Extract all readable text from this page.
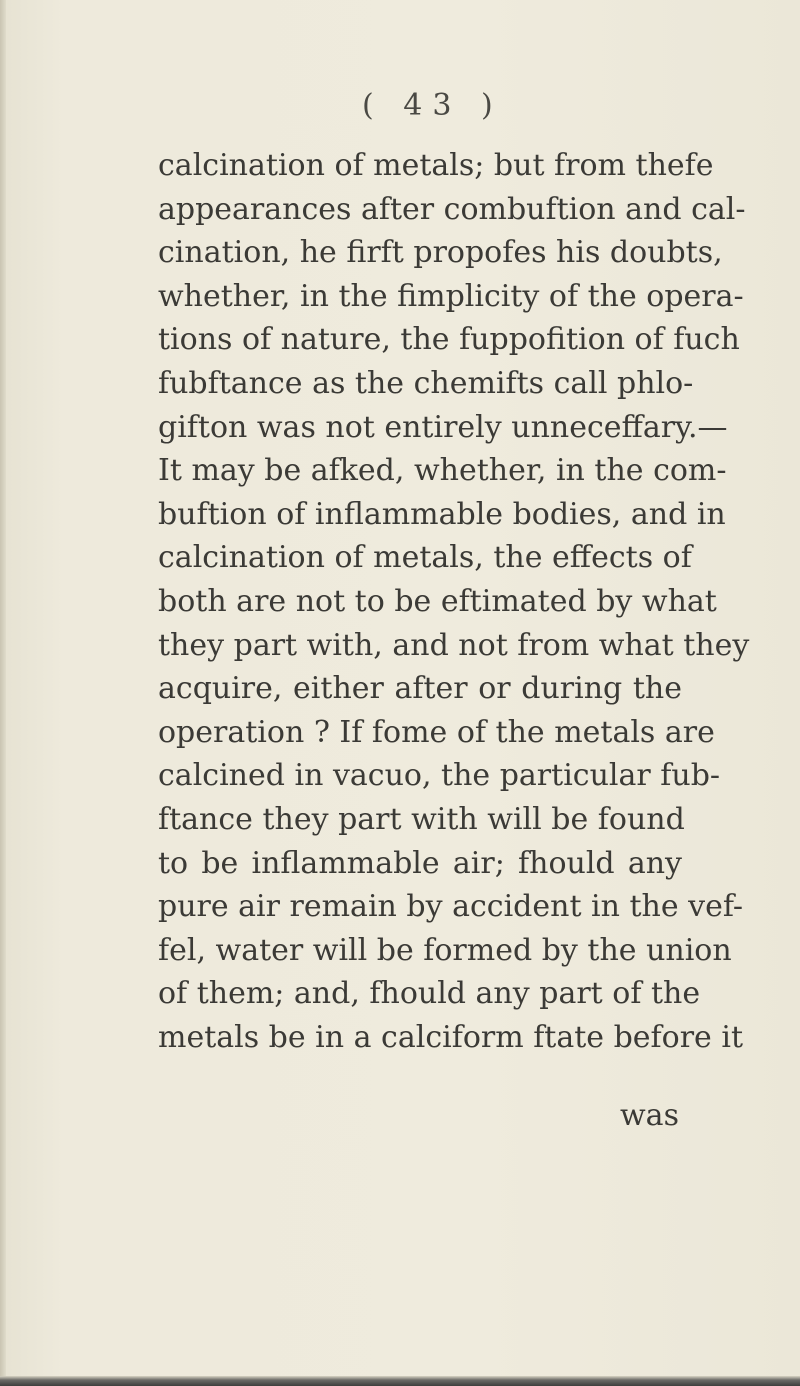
( 43 )
calcination of metals; but from thefe
appearances after combuftion and cal-
cination, he firft propofes his doubts,
whether, in the fimplicity of the opera-
tions of nature, the fuppofition of fuch
fubftance as the chemifts call phlo-
gifton was not entirely unneceffary.—
It may be afked, whether, in the com-
buftion of inflammable bodies, and in
calcination of metals, the effects of
both are not to be eftimated by what
they part with, and not from what they
acquire, either after or during the
operation ? If fome of the metals are
calcined in vacuo, the particular fub-
ftance they part with will be found
to be inflammable air; fhould any
pure air remain by accident in the vef-
fel, water will be formed by the union
of them; and, fhould any part of the
metals be in a calciform ftate before it
was
